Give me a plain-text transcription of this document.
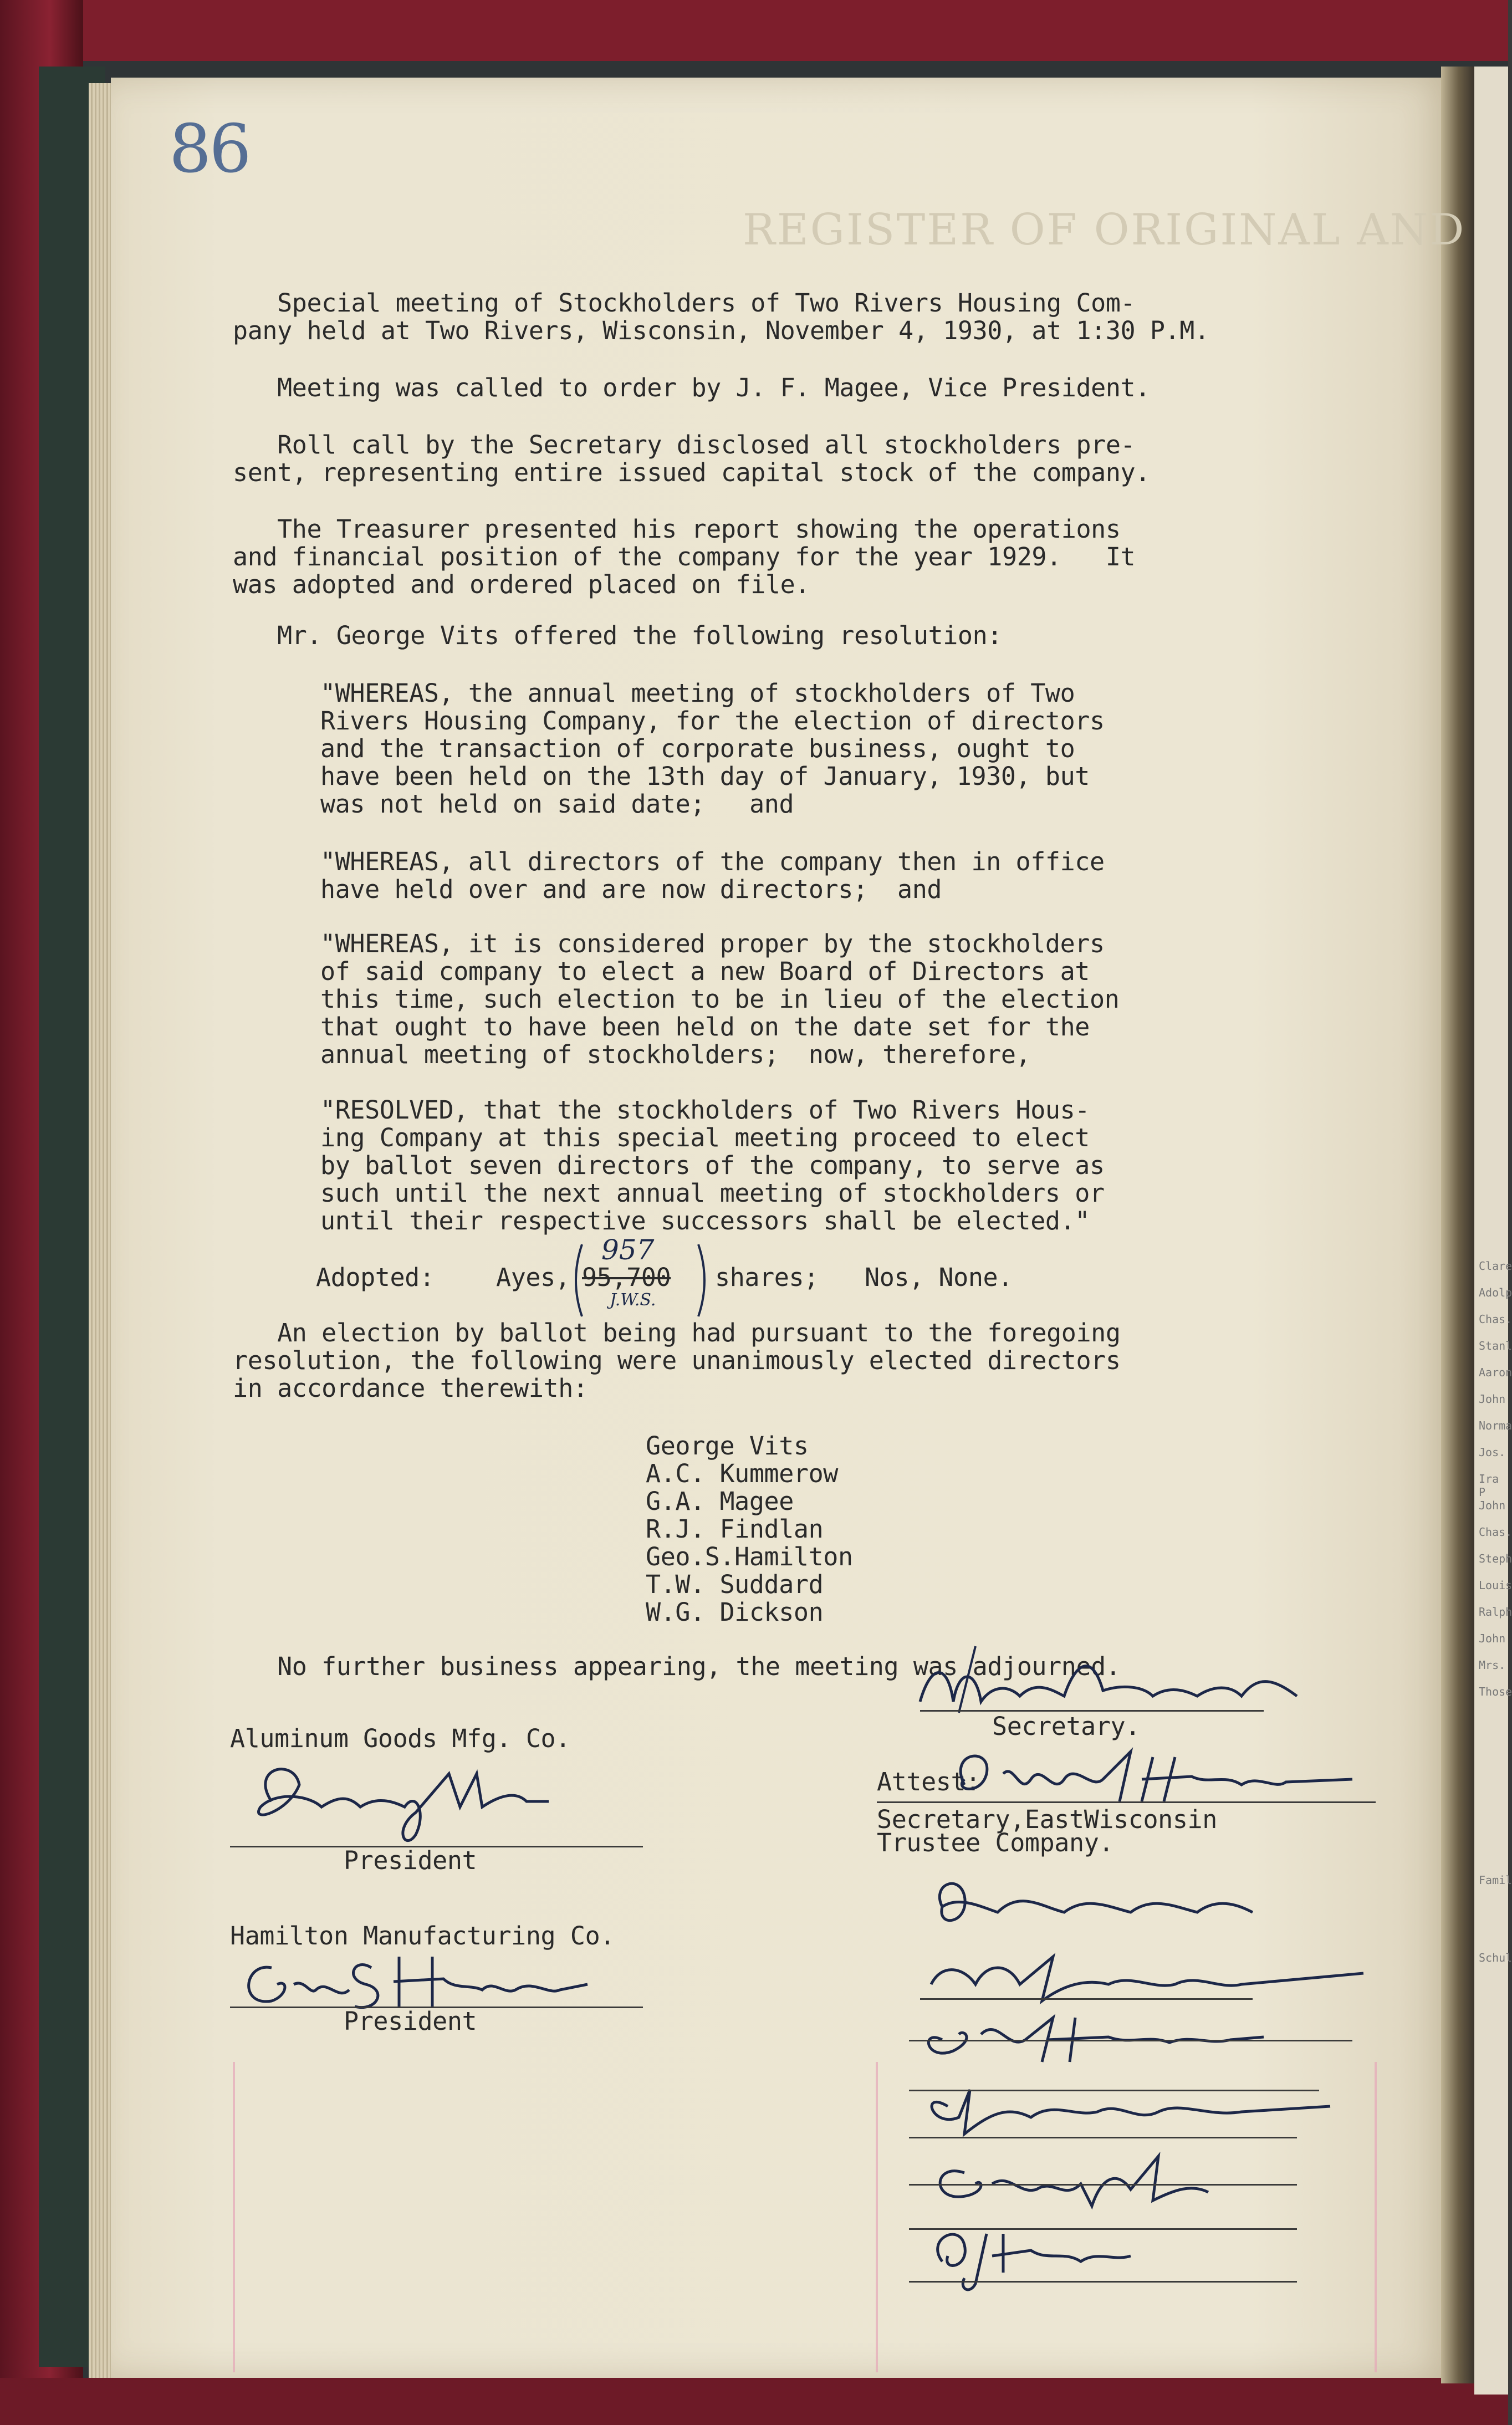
Clare
Adolp
Chas.
Stanl
Aaron
John
Norma
Jos.
Ira P
John
Chas.
Steph
Louis
Ralph
John
Mrs.
Those
Famil
Schul
86
REGISTER OF ORIGINAL AND
Special meeting of Stockholders of Two Rivers Housing Com-
pany held at Two Rivers, Wisconsin, November 4, 1930, at 1:30 P.M.
Meeting was called to order by J. F. Magee, Vice President.
Roll call by the Secretary disclosed all stockholders pre-
sent, representing entire issued capital stock of the company.
The Treasurer presented his report showing the operations
and financial position of the company for the year 1929.   It
was adopted and ordered placed on file.
Mr. George Vits offered the following resolution:
"WHEREAS, the annual meeting of stockholders of Two
Rivers Housing Company, for the election of directors
and the transaction of corporate business, ought to
have been held on the 13th day of January, 1930, but
was not held on said date;   and
"WHEREAS, all directors of the company then in office
have held over and are now directors;  and
"WHEREAS, it is considered proper by the stockholders
of said company to elect a new Board of Directors at
this time, such election to be in lieu of the election
that ought to have been held on the date set for the
annual meeting of stockholders;  now, therefore,
"RESOLVED, that the stockholders of Two Rivers Hous-
ing Company at this special meeting proceed to elect
by ballot seven directors of the company, to serve as
such until the next annual meeting of stockholders or
until their respective successors shall be elected."
Adopted: Ayes,
957
95,700
J.W.S.
shares; Nos, None.
An election by ballot being had pursuant to the foregoing
resolution, the following were unanimously elected directors
in accordance therewith:
George Vits
A.C. Kummerow
G.A. Magee
R.J. Findlan
Geo.S.Hamilton
T.W. Suddard
W.G. Dickson
No further business appearing, the meeting was adjourned.
Secretary.
Aluminum Goods Mfg. Co.
President
Hamilton Manufacturing Co.
President
Attest:
Secretary,EastWisconsin
Trustee Company.
